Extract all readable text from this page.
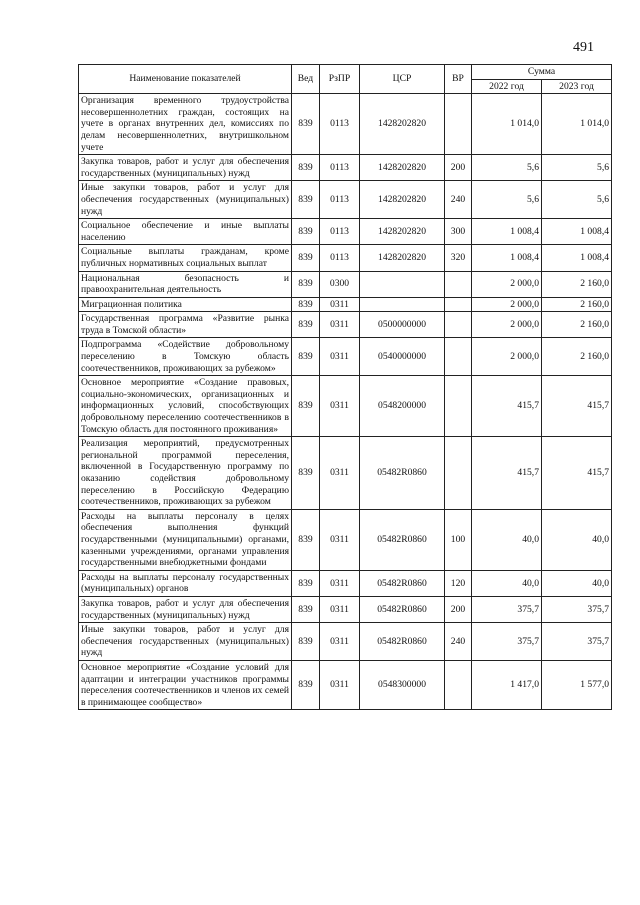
491
Наименование показателей	Вед	РзПР	ЦСР	ВР	Сумма	
					2022 год	2023 год
Организация временного трудоустройства несовершеннолетних граждан, состоящих на учете в органах внутренних дел, комиссиях по делам несовершеннолетних, внутришкольном учете	839	0113	1428202820		1 014,0	1 014,0
Закупка товаров, работ и услуг для обеспечения государственных (муниципальных) нужд	839	0113	1428202820	200	5,6	5,6
Иные закупки товаров, работ и услуг для обеспечения государственных (муниципальных) нужд	839	0113	1428202820	240	5,6	5,6
Социальное обеспечение и иные выплаты населению	839	0113	1428202820	300	1 008,4	1 008,4
Социальные выплаты гражданам, кроме публичных нормативных социальных выплат	839	0113	1428202820	320	1 008,4	1 008,4
Национальная безопасность и правоохранительная деятельность	839	0300			2 000,0	2 160,0
Миграционная политика	839	0311			2 000,0	2 160,0
Государственная программа «Развитие рынка труда в Томской области»	839	0311	0500000000		2 000,0	2 160,0
Подпрограмма «Содействие добровольному переселению в Томскую область соотечественников, проживающих за рубежом»	839	0311	0540000000		2 000,0	2 160,0
Основное мероприятие «Создание правовых, социально-экономических, организационных и информационных условий, способствующих добровольному переселению соотечественников в Томскую область для постоянного проживания»	839	0311	0548200000		415,7	415,7
Реализация мероприятий, предусмотренных региональной программой переселения, включенной в Государственную программу по оказанию содействия добровольному переселению в Российскую Федерацию соотечественников, проживающих за рубежом	839	0311	05482R0860		415,7	415,7
Расходы на выплаты персоналу в целях обеспечения выполнения функций государственными (муниципальными) органами, казенными учреждениями, органами управления государственными внебюджетными фондами	839	0311	05482R0860	100	40,0	40,0
Расходы на выплаты персоналу государственных (муниципальных) органов	839	0311	05482R0860	120	40,0	40,0
Закупка товаров, работ и услуг для обеспечения государственных (муниципальных) нужд	839	0311	05482R0860	200	375,7	375,7
Иные закупки товаров, работ и услуг для обеспечения государственных (муниципальных) нужд	839	0311	05482R0860	240	375,7	375,7
Основное мероприятие «Создание условий для адаптации и интеграции участников программы переселения соотечественников и членов их семей в принимающее сообщество»	839	0311	0548300000		1 417,0	1 577,0
